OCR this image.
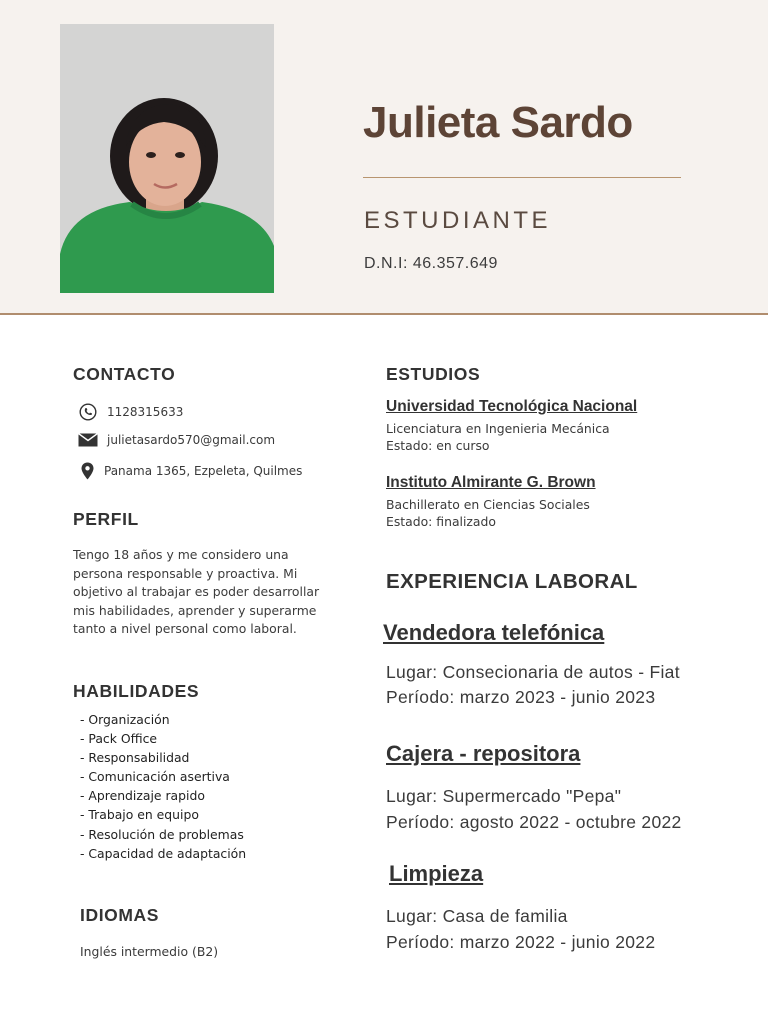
Julieta Sardo
ESTUDIANTE
D.N.I: 46.357.649
CONTACTO
1128315633
julietasardo570@gmail.com
Panama 1365, Ezpeleta, Quilmes
PERFIL
Tengo 18 años y me considero una persona responsable y proactiva. Mi objetivo al trabajar es poder desarrollar mis habilidades, aprender y superarme tanto a nivel personal como laboral.
HABILIDADES
- Organización
- Pack Office
- Responsabilidad
- Comunicación asertiva
- Aprendizaje rapido
- Trabajo en equipo
- Resolución de problemas
- Capacidad de adaptación
IDIOMAS
Inglés intermedio (B2)
ESTUDIOS
Universidad Tecnológica Nacional
Licenciatura en Ingenieria Mecánica
Estado: en curso
Instituto Almirante G. Brown
Bachillerato en Ciencias Sociales
Estado: finalizado
EXPERIENCIA LABORAL
Vendedora telefónica
Lugar: Consecionaria de autos - Fiat
Período: marzo 2023 - junio 2023
Cajera - repositora
Lugar: Supermercado "Pepa"
Período: agosto 2022 - octubre 2022
Limpieza
Lugar: Casa de familia
Período: marzo 2022 - junio 2022
